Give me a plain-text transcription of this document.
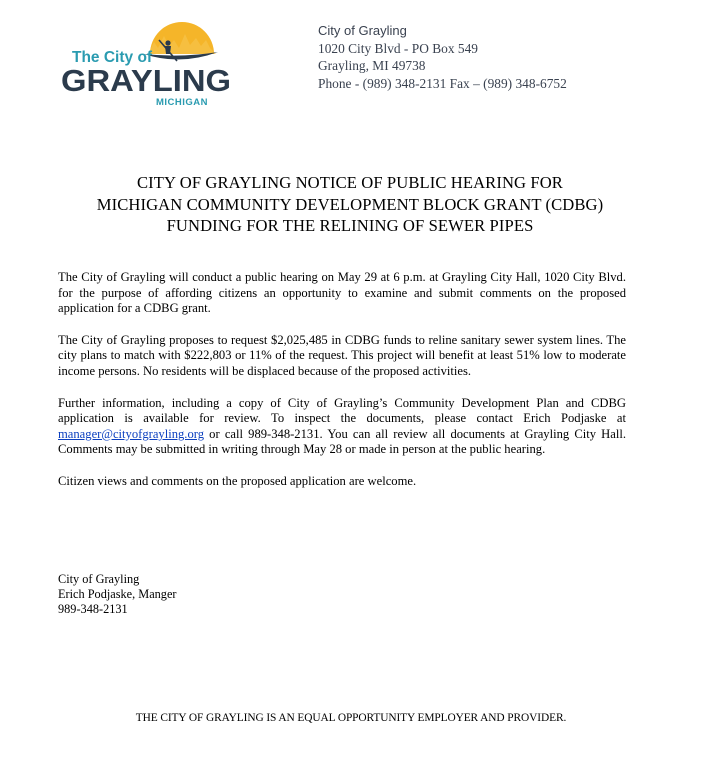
The City of
GRAYLING
MICHIGAN
City of Grayling
1020 City Blvd - PO Box 549
Grayling, MI 49738
Phone - (989) 348-2131 Fax – (989) 348-6752
CITY OF GRAYLING NOTICE OF PUBLIC HEARING FOR
MICHIGAN COMMUNITY DEVELOPMENT BLOCK GRANT (CDBG)
FUNDING FOR THE RELINING OF SEWER PIPES

The City of Grayling will conduct a public hearing on May 29 at 6 p.m. at Grayling City Hall, 1020 City Blvd. for the purpose of affording citizens an opportunity to examine and submit comments on the proposed application for a CDBG grant.

The City of Grayling proposes to request $2,025,485 in CDBG funds to reline sanitary sewer system lines. The city plans to match with $222,803 or 11% of the request. This project will benefit at least 51% low to moderate income persons. No residents will be displaced because of the proposed activities.

Further information, including a copy of City of Grayling’s Community Development Plan and CDBG application is available for review. To inspect the documents, please contact Erich Podjaske at manager@cityofgrayling.org or call 989-348-2131. You can all review all documents at Grayling City Hall. Comments may be submitted in writing through May 28 or made in person at the public hearing.

Citizen views and comments on the proposed application are welcome.

City of Grayling
Erich Podjaske, Manger
989-348-2131
THE CITY OF GRAYLING IS AN EQUAL OPPORTUNITY EMPLOYER AND PROVIDER.
